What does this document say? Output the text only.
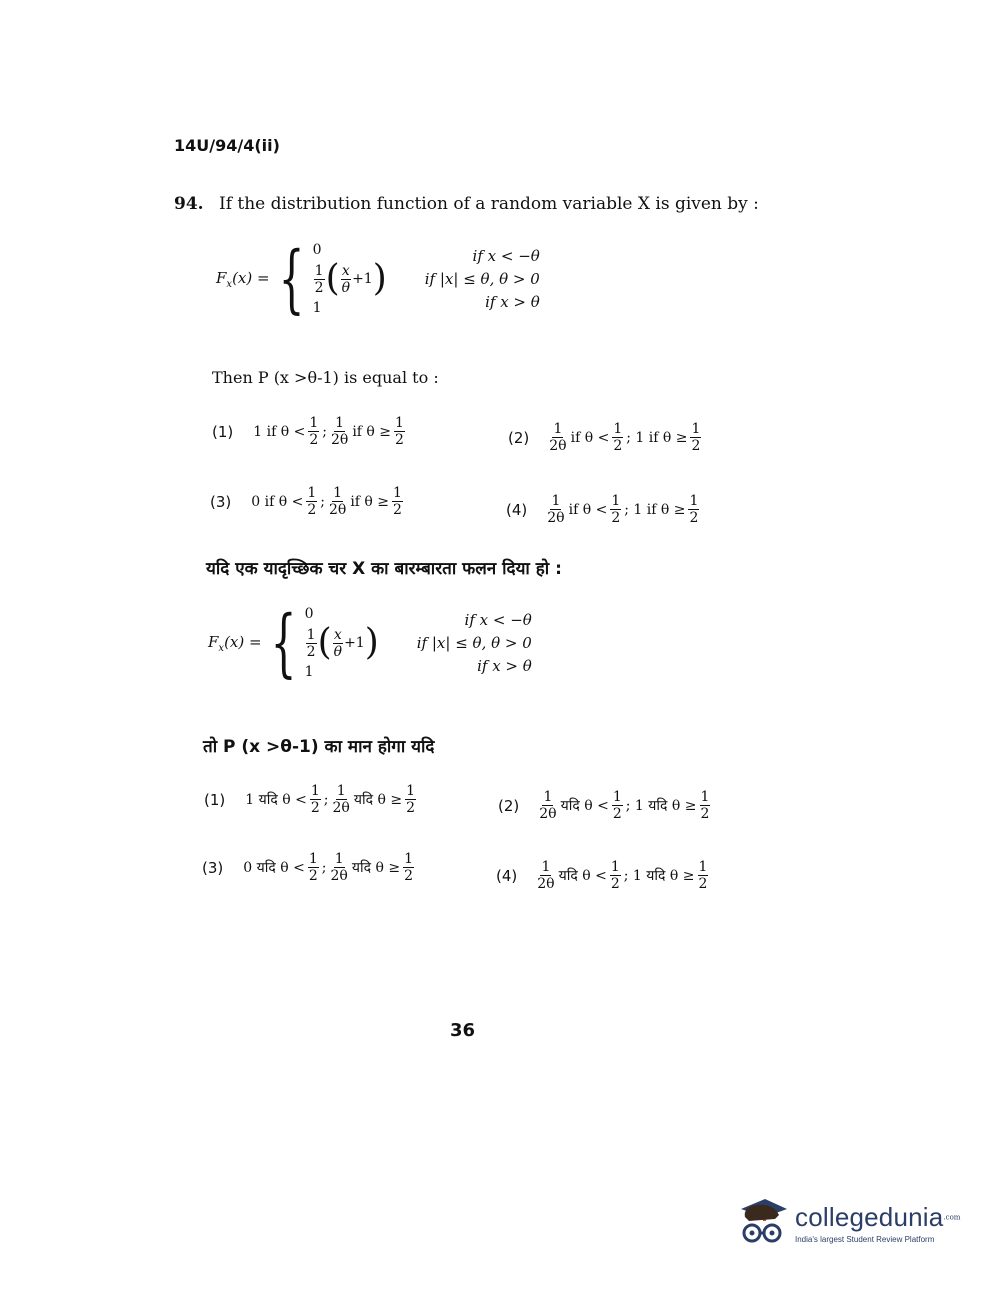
14U/94/4(ii)
94. If the distribution function of a random variable X is given by :
$F_x(x)$ = { 0
$\frac{1}{2}$ ( $\frac{x}{\theta} +1$ )
1
if x < −θ
if |x| ≤ θ, θ > 0
if x > θ
Then P (x >θ-1) is equal to :
(1) 1 if $\theta < \frac{1}{2}$ ; $\frac{1}{2\theta}$ if $\theta \ge \frac{1}{2}$	$(2) \frac{1}{2\theta}$ if $\theta < \frac{1}{2}$ ; 1 if $\theta \ge \frac{1}{2}$
(3) 0 if $\theta < \frac{1}{2}$ ; $\frac{1}{2\theta}$ if $\theta \ge \frac{1}{2}$	$(4) \frac{1}{2\theta}$ if $\theta < \frac{1}{2}$ ; 1 if $\theta \ge \frac{1}{2}$
यदि एक यादृच्छिक चर X का बारम्बारता फलन दिया हो :
$F_x(x)$ = { 0
$\frac{1}{2}$ ( $\frac{x}{\theta} +1$ )
1
if x < −θ
if |x| ≤ θ, θ > 0
if x > θ
तो P (x >θ-1) का मान होगा यदि
(1) 1 यदि $\theta < \frac{1}{2}$ ; $\frac{1}{2\theta}$ यदि $\theta \ge \frac{1}{2}$	$(2) \frac{1}{2\theta}$ यदि $\theta < \frac{1}{2}$ ; 1 यदि $\theta \ge \frac{1}{2}$
(3) 0 यदि $\theta < \frac{1}{2}$ ; $\frac{1}{2\theta}$ यदि $\theta \ge \frac{1}{2}$	$(4) \frac{1}{2\theta}$ यदि $\theta < \frac{1}{2}$ ; 1 यदि $\theta \ge \frac{1}{2}$
36
collegedunia$^{.com}$
India's largest Student Review Platform
